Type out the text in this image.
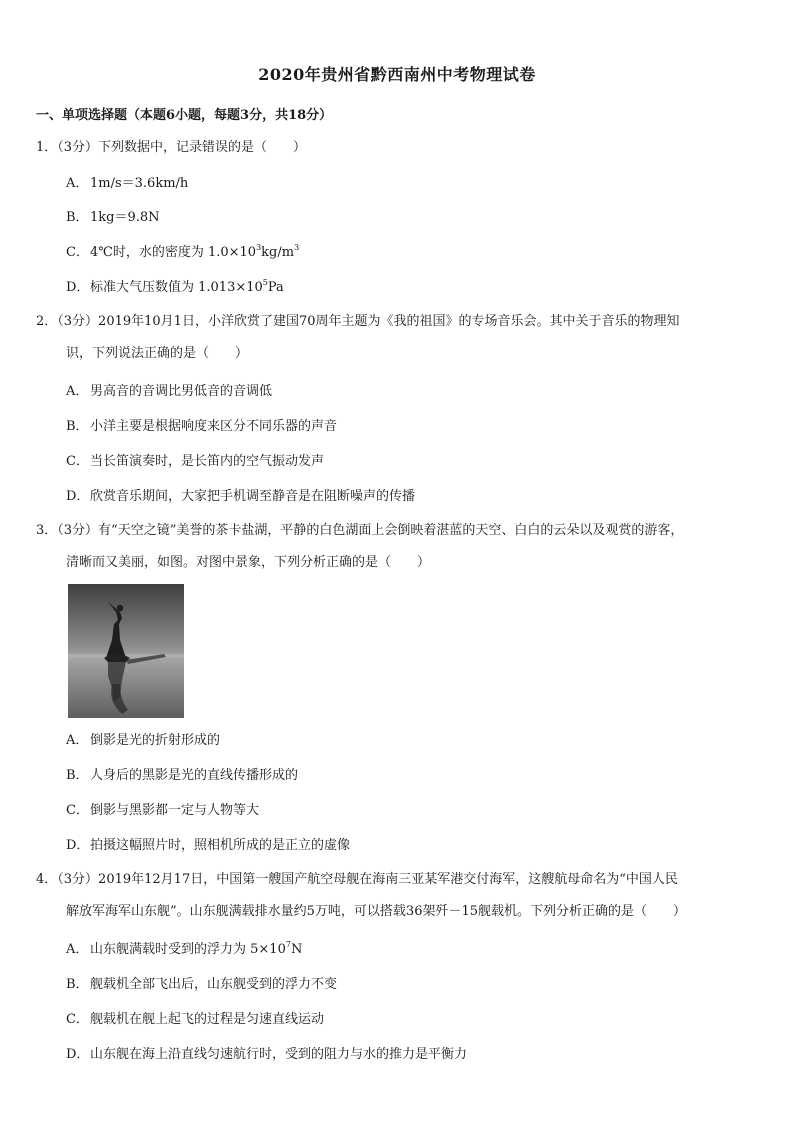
2020年贵州省黔西南州中考物理试卷
一、单项选择题（本题6小题，每题3分，共18分）
1．（3分）下列数据中，记录错误的是（　　）
A． 1m/s＝3.6km/h
B．1kg＝9.8N
C．4℃时，水的密度为 $1.0\times 10^3kg/m^3$
D．标准大气压数值为 $1.013\times 10^5Pa$
2．（3分）2019年10月1日，小洋欣赏了建国70周年主题为《我的祖国》的专场音乐会。其中关于音乐的物理知
识，下列说法正确的是（　　）
A． 男高音的音调比男低音的音调低
B．小洋主要是根据响度来区分不同乐器的声音
C．当长笛演奏时，是长笛内的空气振动发声
D．欣赏音乐期间，大家把手机调至静音是在阻断噪声的传播
3．（3分）有“天空之镜”美誉的茶卡盐湖，平静的白色湖面上会倒映着湛蓝的天空、白白的云朵以及观赏的游客，
清晰而又美丽，如图。对图中景象，下列分析正确的是（　　）
A． 倒影是光的折射形成的
B．人身后的黑影是光的直线传播形成的
C．倒影与黑影都一定与人物等大
D．拍摄这幅照片时，照相机所成的是正立的虚像
4．（3分）2019年12月17日，中国第一艘国产航空母舰在海南三亚某军港交付海军，这艘航母命名为“中国人民
解放军海军山东舰”。山东舰满载排水量约5万吨，可以搭载36架歼－15舰载机。下列分析正确的是（　　）
A． 山东舰满载时受到的浮力为 $5\times 10^7N$
B．舰载机全部飞出后，山东舰受到的浮力不变
C．舰载机在舰上起飞的过程是匀速直线运动
D．山东舰在海上沿直线匀速航行时，受到的阻力与水的推力是平衡力
